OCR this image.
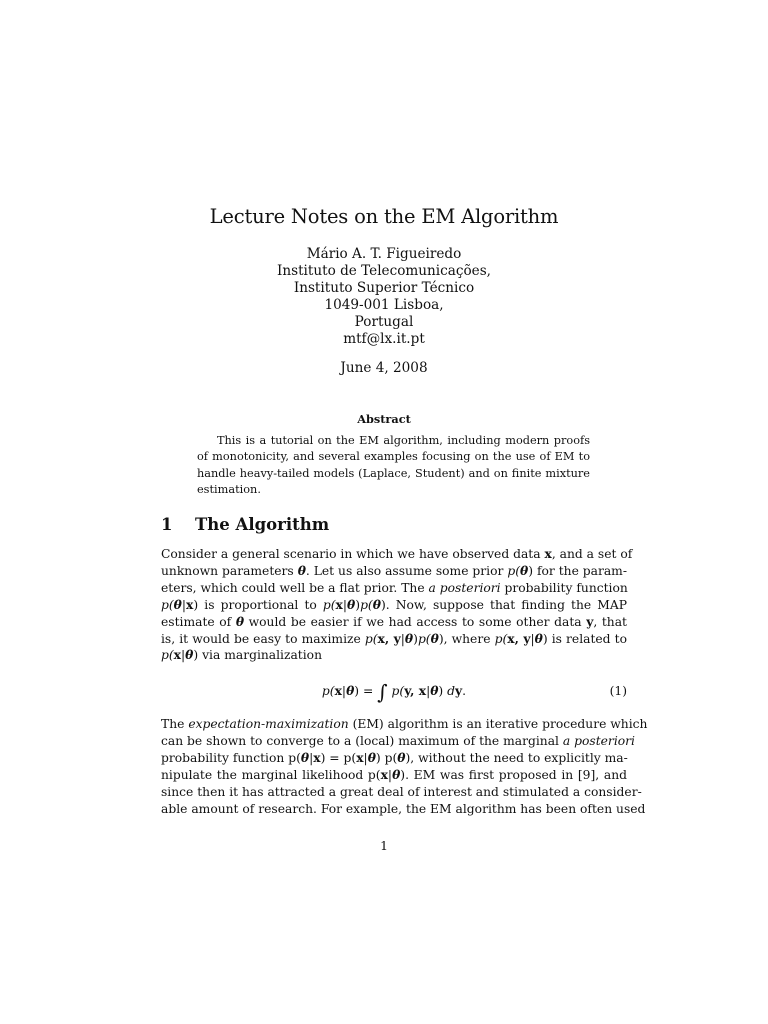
Lecture Notes on the EM Algorithm
Mário A. T. Figueiredo
Instituto de Telecomunicações,
Instituto Superior Técnico
1049-001 Lisboa,
Portugal
mtf@lx.it.pt
June 4, 2008
Abstract
This is a tutorial on the EM algorithm, including modern proofs
of monotonicity, and several examples focusing on the use of EM to
handle heavy-tailed models (Laplace, Student) and on finite mixture
estimation.
1 The Algorithm
Consider a general scenario in which we have observed data x, and a set of
unknown parameters θ. Let us also assume some prior p(θ) for the param-
eters, which could well be a flat prior. The a posteriori probability function
p(θ|x) is proportional to p(x|θ)p(θ). Now, suppose that finding the MAP
estimate of θ would be easier if we had access to some other data y, that
is, it would be easy to maximize p(x, y|θ)p(θ), where p(x, y|θ) is related to
p(x|θ) via marginalization
p(x|θ) = ∫ p(y, x|θ) dy.	(1)
The expectation-maximization (EM) algorithm is an iterative procedure which
can be shown to converge to a (local) maximum of the marginal a posteriori
probability function p(θ|x) = p(x|θ) p(θ), without the need to explicitly ma-
nipulate the marginal likelihood p(x|θ). EM was first proposed in [9], and
since then it has attracted a great deal of interest and stimulated a consider-
able amount of research. For example, the EM algorithm has been often used
1
